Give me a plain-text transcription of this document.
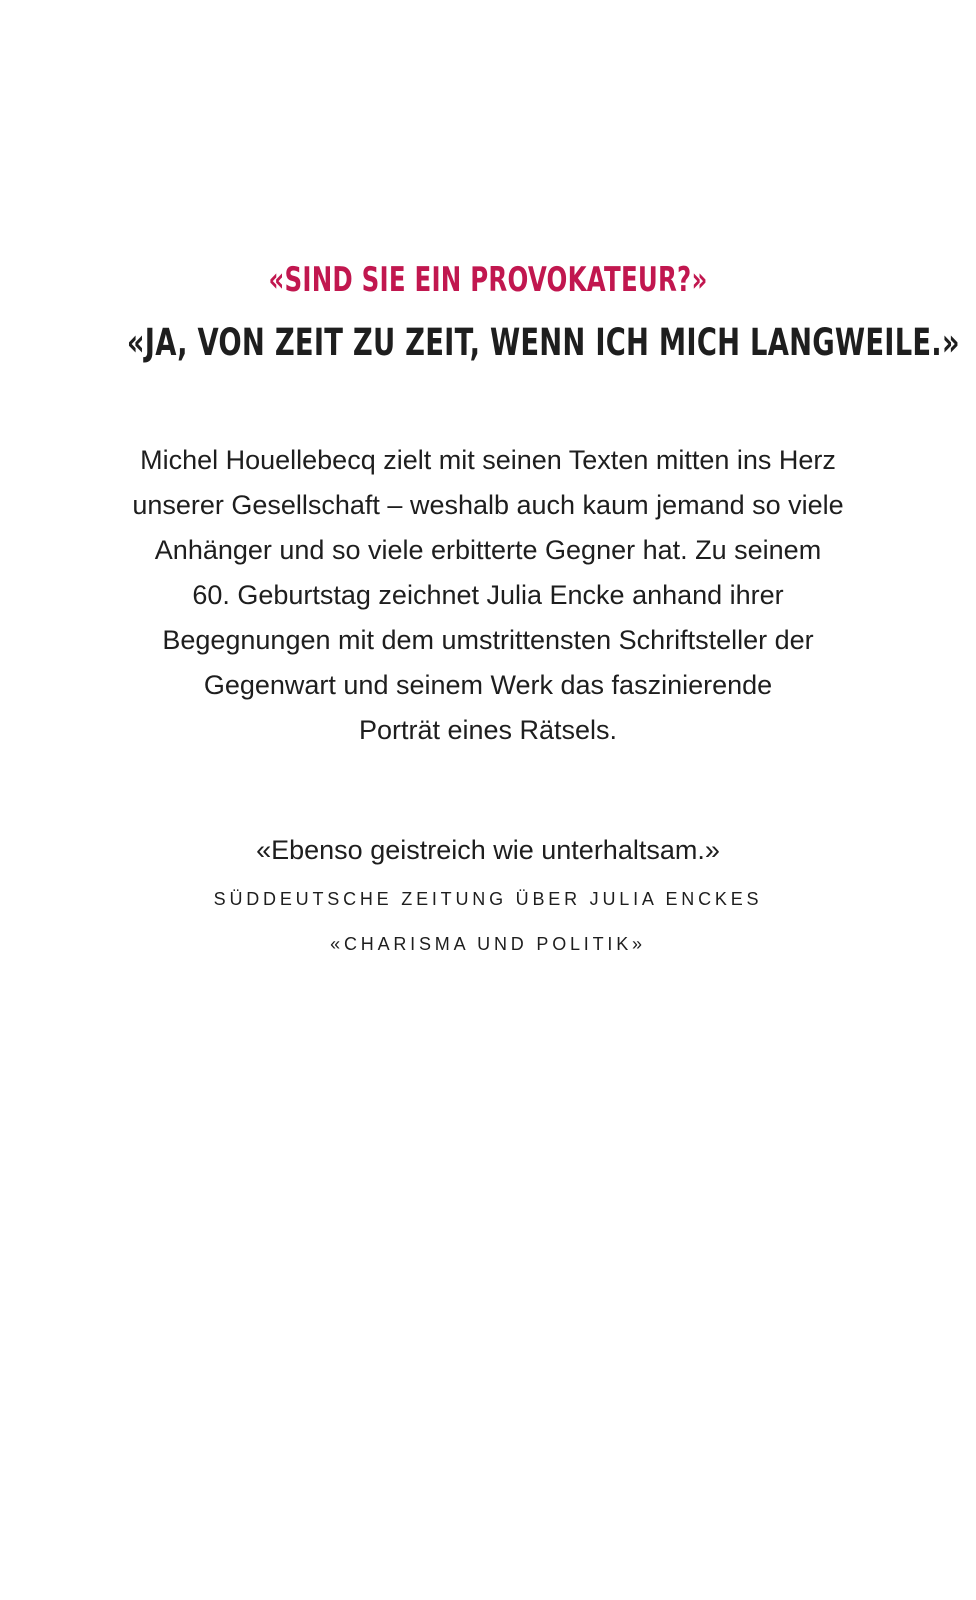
«SIND SIE EIN PROVOKATEUR?»
«JA, VON ZEIT ZU ZEIT, WENN ICH MICH LANGWEILE.»
Michel Houellebecq zielt mit seinen Texten mitten ins Herz
unserer Gesellschaft – weshalb auch kaum jemand so viele
Anhänger und so viele erbitterte Gegner hat. Zu seinem
60. Geburtstag zeichnet Julia Encke anhand ihrer
Begegnungen mit dem umstrittensten Schriftsteller der
Gegenwart und seinem Werk das faszinierende
Porträt eines Rätsels.
«Ebenso geistreich wie unterhaltsam.»
SÜDDEUTSCHE ZEITUNG ÜBER JULIA ENCKES
«CHARISMA UND POLITIK»
